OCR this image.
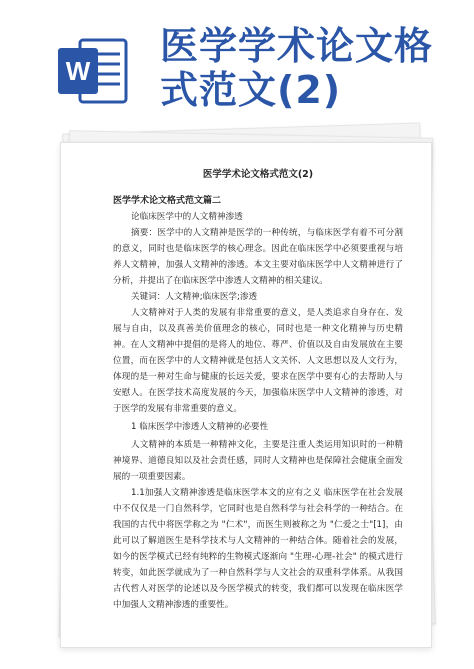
W
医学学术论文格式范文(2)
医学学术论文格式范文(2)
医学学术论文格式范文篇二

论临床医学中的人文精神渗透

摘要：医学中的人文精神是医学的一种传统，与临床医学有着不可分割的意义，同时也是临床医学的核心理念。因此在临床医学中必须要重视与培养人文精神，加强人文精神的渗透。本文主要对临床医学中人文精神进行了分析，并提出了在临床医学中渗透人文精神的相关建议。

关键词：人文精神;临床医学;渗透

人文精神对于人类的发展有非常重要的意义，是人类追求自身存在、发展与自由，以及真善美价值理念的核心，同时也是一种文化精神与历史精神。在人文精神中提倡的是将人的地位、尊严、价值以及自由发展放在主要位置，而在医学中的人文精神就是包括人文关怀、人文思想以及人文行为，体现的是一种对生命与健康的长远关爱，要求在医学中要有心的去帮助人与安慰人。在医学技术高度发展的今天，加强临床医学中人文精神的渗透，对于医学的发展有非常重要的意义。

1 临床医学中渗透人文精神的必要性

人文精神的本质是一种精神文化，主要是注重人类运用知识时的一种精神境界、道德良知以及社会责任感，同时人文精神也是保障社会健康全面发展的一项重要因素。

1.1加强人文精神渗透是临床医学本文的应有之义 临床医学在社会发展中不仅仅是一门自然科学，它同时也是自然科学与社会科学的一种结合。在我国的古代中将医学称之为 "仁术"，而医生则被称之为 "仁爱之士"[1]，由此可以了解道医生是科学技术与人文精神的一种结合体。随着社会的发展，如今的医学模式已经有纯粹的生物模式逐渐向 "生理-心理-社会" 的模式进行转变，如此医学就成为了一种自然科学与人文社会的双重科学体系。从我国古代哲人对医学的论述以及今医学模式的转变，我们都可以发现在临床医学中加强人文精神渗透的重要性。
